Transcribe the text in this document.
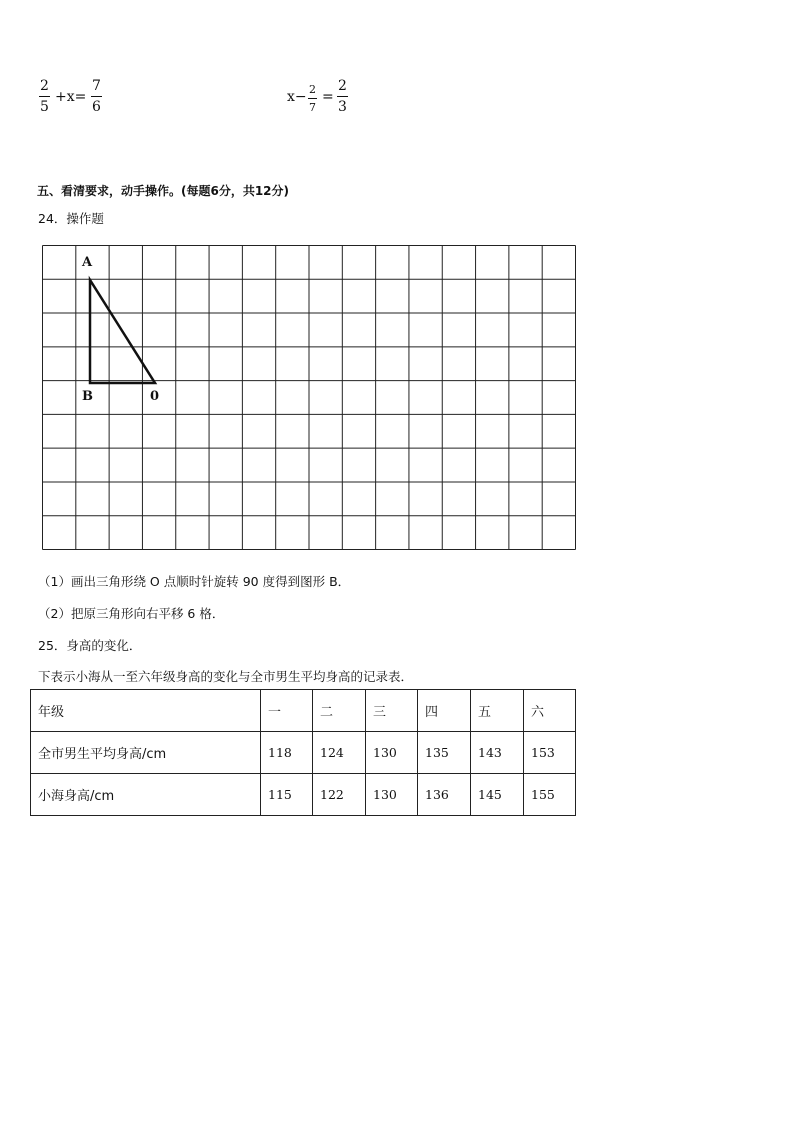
2
5
+x=
7
6
x− 2
7
=
2
3
五、看清要求，动手操作。(每题6分，共12分)
24．操作题
A
B	0
（1）画出三角形绕 O 点顺时针旋转 90 度得到图形 B．
（2）把原三角形向右平移 6 格．
25．身高的变化．
下表示小海从一至六年级身高的变化与全市男生平均身高的记录表．
年级	一	二	三	四	五	六
全市男生平均身高/cm	118	124	130	135	143	153
小海身高/cm	115	122	130	136	145	155
